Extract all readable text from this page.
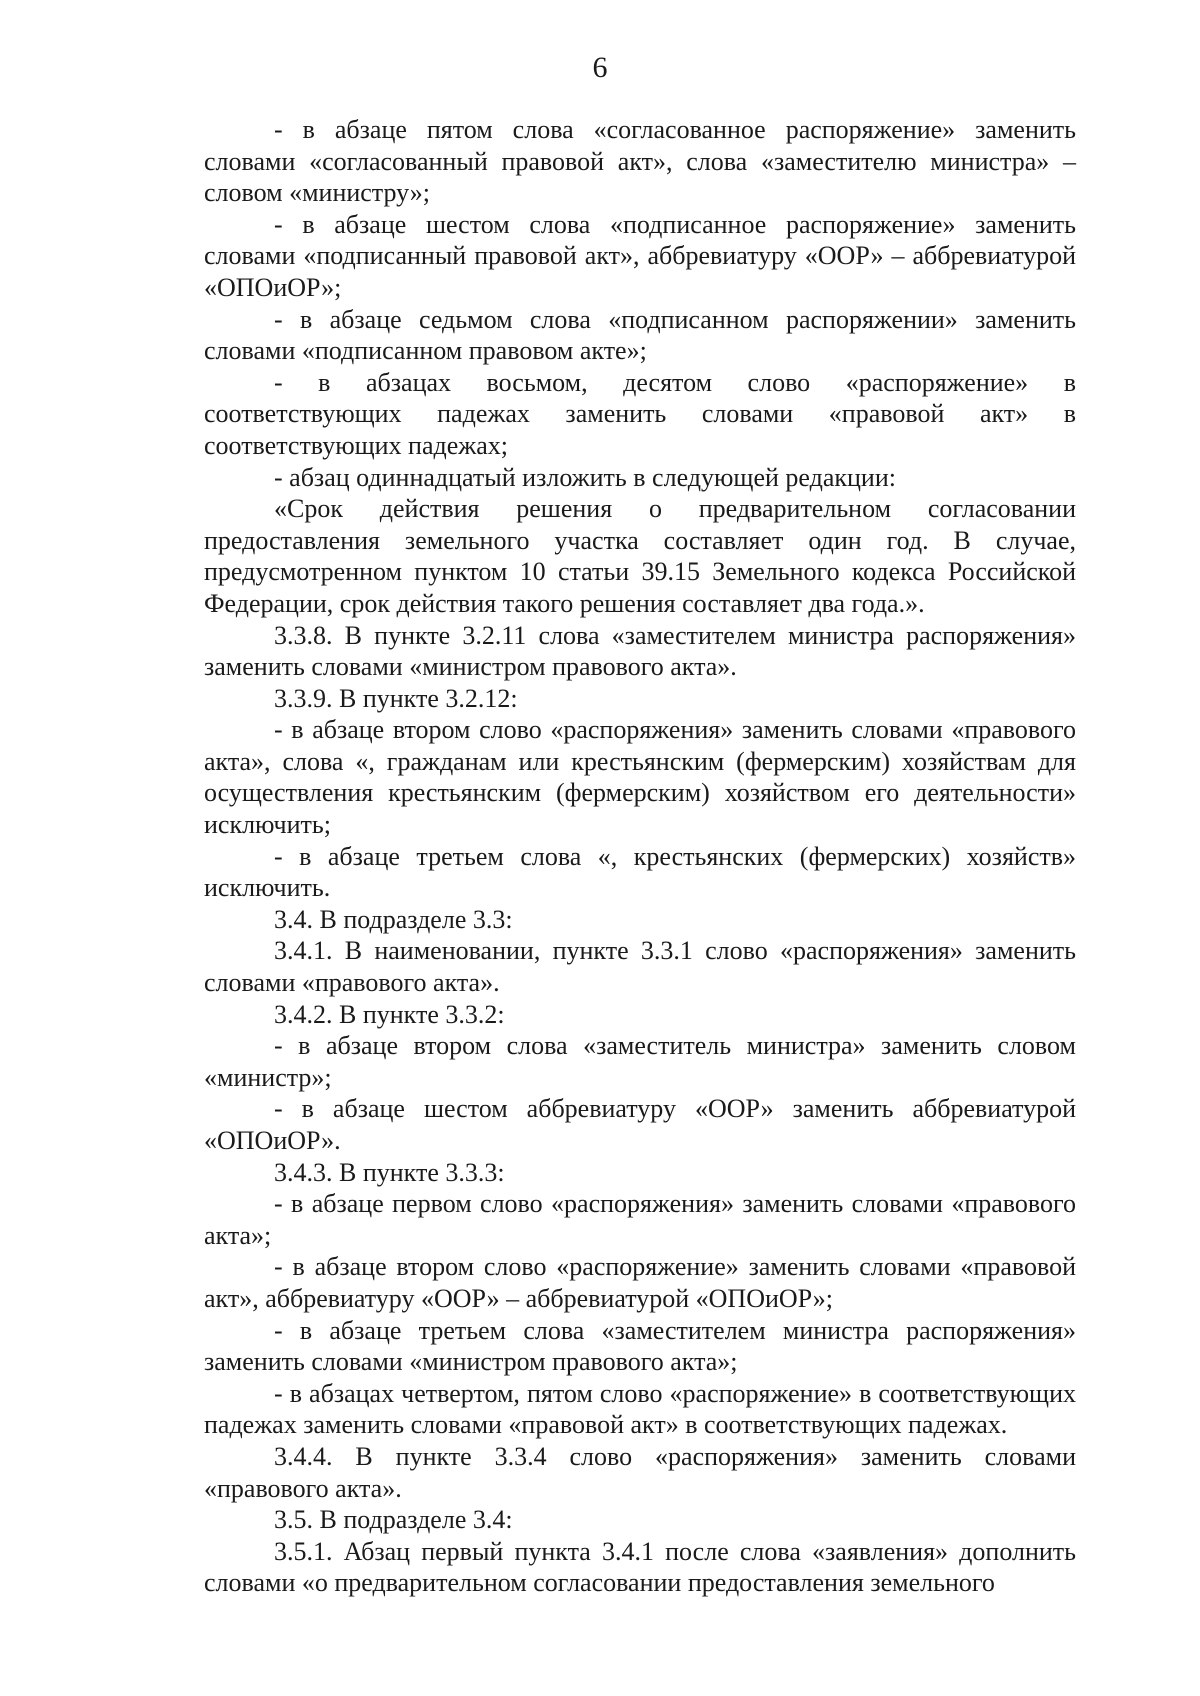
6

- в абзаце пятом слова «согласованное распоряжение» заменить словами «согласованный правовой акт», слова «заместителю министра» – словом «министру»;

- в абзаце шестом слова «подписанное распоряжение» заменить словами «подписанный правовой акт», аббревиатуру «ООР» – аббревиатурой «ОПОиОР»;

- в абзаце седьмом слова «подписанном распоряжении» заменить словами «подписанном правовом акте»;

- в абзацах восьмом, десятом слово «распоряжение» в соответствующих падежах заменить словами «правовой акт» в соответствующих падежах;

- абзац одиннадцатый изложить в следующей редакции:

«Срок действия решения о предварительном согласовании предоставления земельного участка составляет один год. В случае, предусмотренном пунктом 10 статьи 39.15 Земельного кодекса Российской Федерации, срок действия такого решения составляет два года.».

3.3.8. В пункте 3.2.11 слова «заместителем министра распоряжения» заменить словами «министром правового акта».

3.3.9. В пункте 3.2.12:

- в абзаце втором слово «распоряжения» заменить словами «правового акта», слова «, гражданам или крестьянским (фермерским) хозяйствам для осуществления крестьянским (фермерским) хозяйством его деятельности» исключить;

- в абзаце третьем слова «, крестьянских (фермерских) хозяйств» исключить.

3.4. В подразделе 3.3:

3.4.1. В наименовании, пункте 3.3.1 слово «распоряжения» заменить словами «правового акта».

3.4.2. В пункте 3.3.2:

- в абзаце втором слова «заместитель министра» заменить словом «министр»;

- в абзаце шестом аббревиатуру «ООР» заменить аббревиатурой «ОПОиОР».

3.4.3. В пункте 3.3.3:

- в абзаце первом слово «распоряжения» заменить словами «правового акта»;

- в абзаце втором слово «распоряжение» заменить словами «правовой акт», аббревиатуру «ООР» – аббревиатурой «ОПОиОР»;

- в абзаце третьем слова «заместителем министра распоряжения» заменить словами «министром правового акта»;

- в абзацах четвертом, пятом слово «распоряжение» в соответствующих падежах заменить словами «правовой акт» в соответствующих падежах.

3.4.4. В пункте 3.3.4 слово «распоряжения» заменить словами «правового акта».

3.5. В подразделе 3.4:

3.5.1. Абзац первый пункта 3.4.1 после слова «заявления» дополнить словами «о предварительном согласовании предоставления земельного
